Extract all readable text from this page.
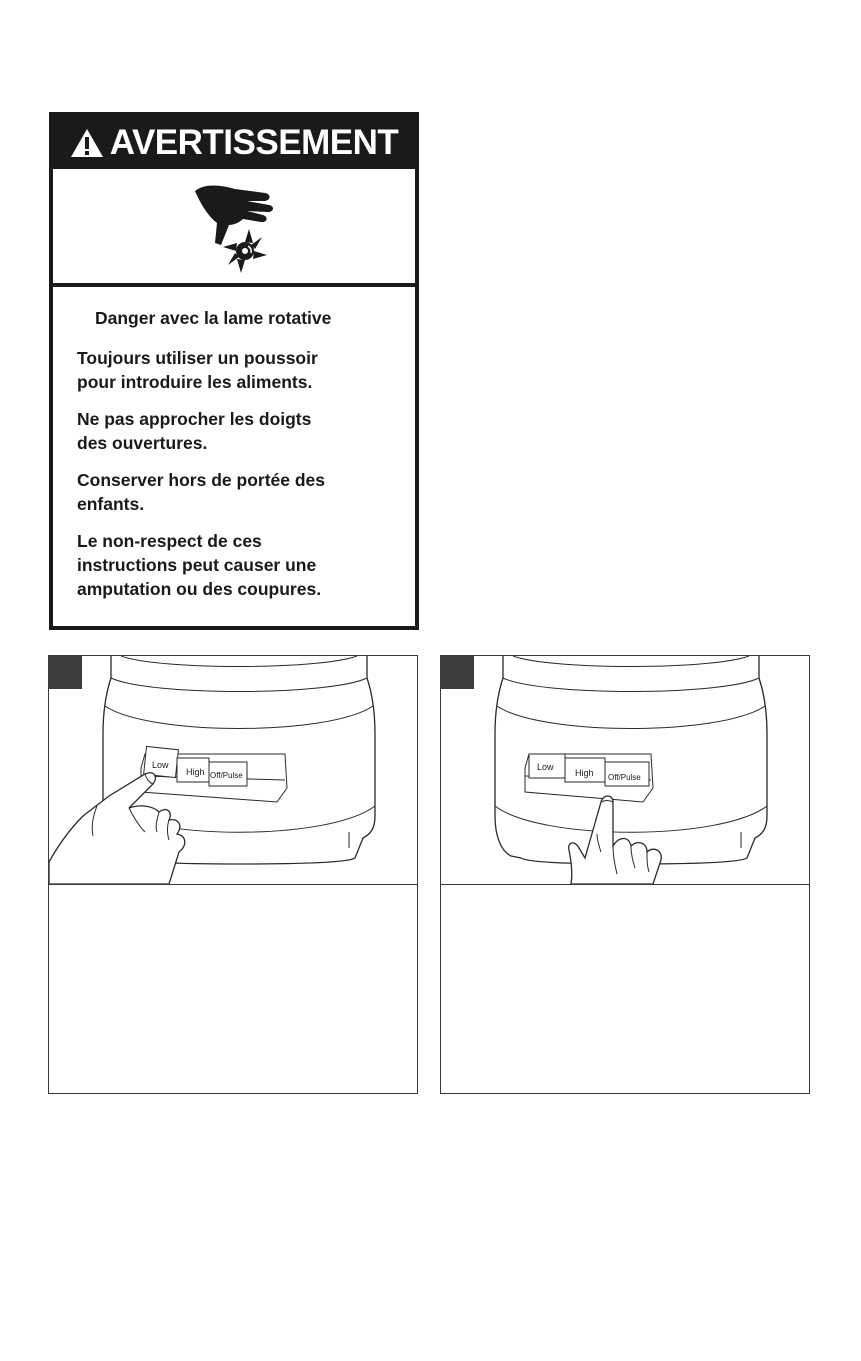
AVERTISSEMENT
Danger avec la lame rotative
Toujours utiliser un poussoir
pour introduire les aliments.
Ne pas approcher les doigts
des ouvertures.
Conserver hors de portée des
enfants.
Le non-respect de ces
instructions peut causer une
amputation ou des coupures.
Low
High Off/Pulse
Low
High Off/Pulse
